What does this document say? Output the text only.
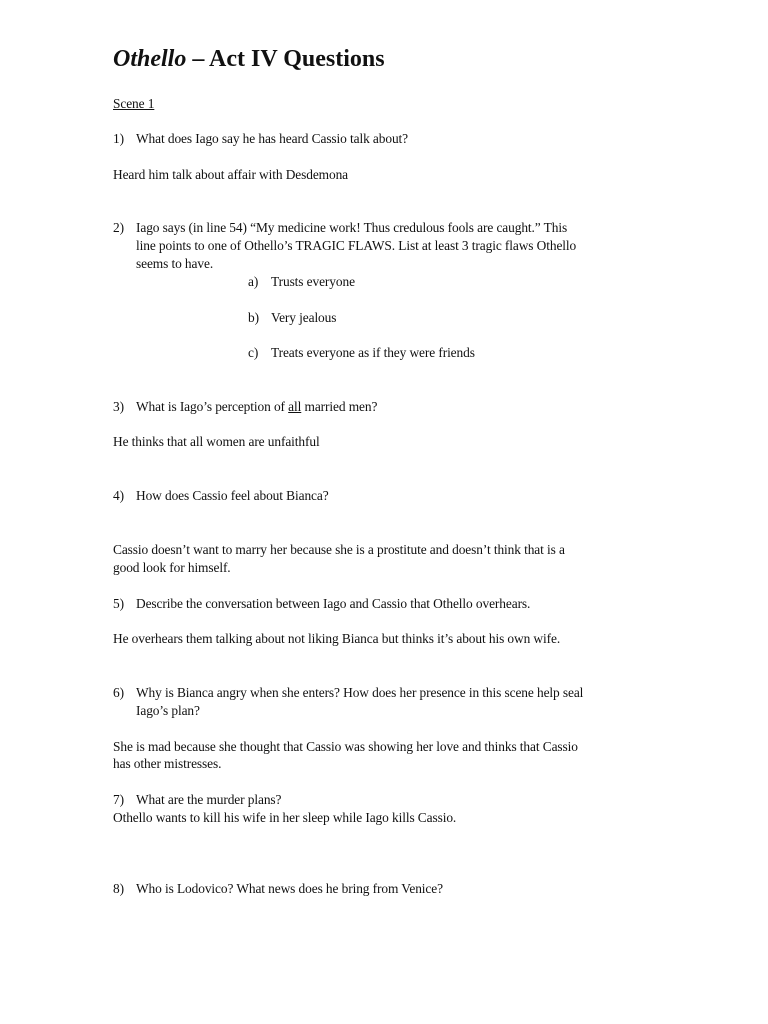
Othello – Act IV Questions
Scene 1
1) What does Iago say he has heard Cassio talk about?
Heard him talk about affair with Desdemona
2) Iago says (in line 54) “My medicine work! Thus credulous fools are caught.” This
line points to one of Othello’s TRAGIC FLAWS. List at least 3 tragic flaws Othello
seems to have.
a) Trusts everyone
b) Very jealous
c) Treats everyone as if they were friends
3) What is Iago’s perception of all married men?
He thinks that all women are unfaithful
4) How does Cassio feel about Bianca?
Cassio doesn’t want to marry her because she is a prostitute and doesn’t think that is a
good look for himself.
5) Describe the conversation between Iago and Cassio that Othello overhears.
He overhears them talking about not liking Bianca but thinks it’s about his own wife.
6) Why is Bianca angry when she enters? How does her presence in this scene help seal
Iago’s plan?
She is mad because she thought that Cassio was showing her love and thinks that Cassio
has other mistresses.
7) What are the murder plans?
Othello wants to kill his wife in her sleep while Iago kills Cassio.
8) Who is Lodovico? What news does he bring from Venice?
